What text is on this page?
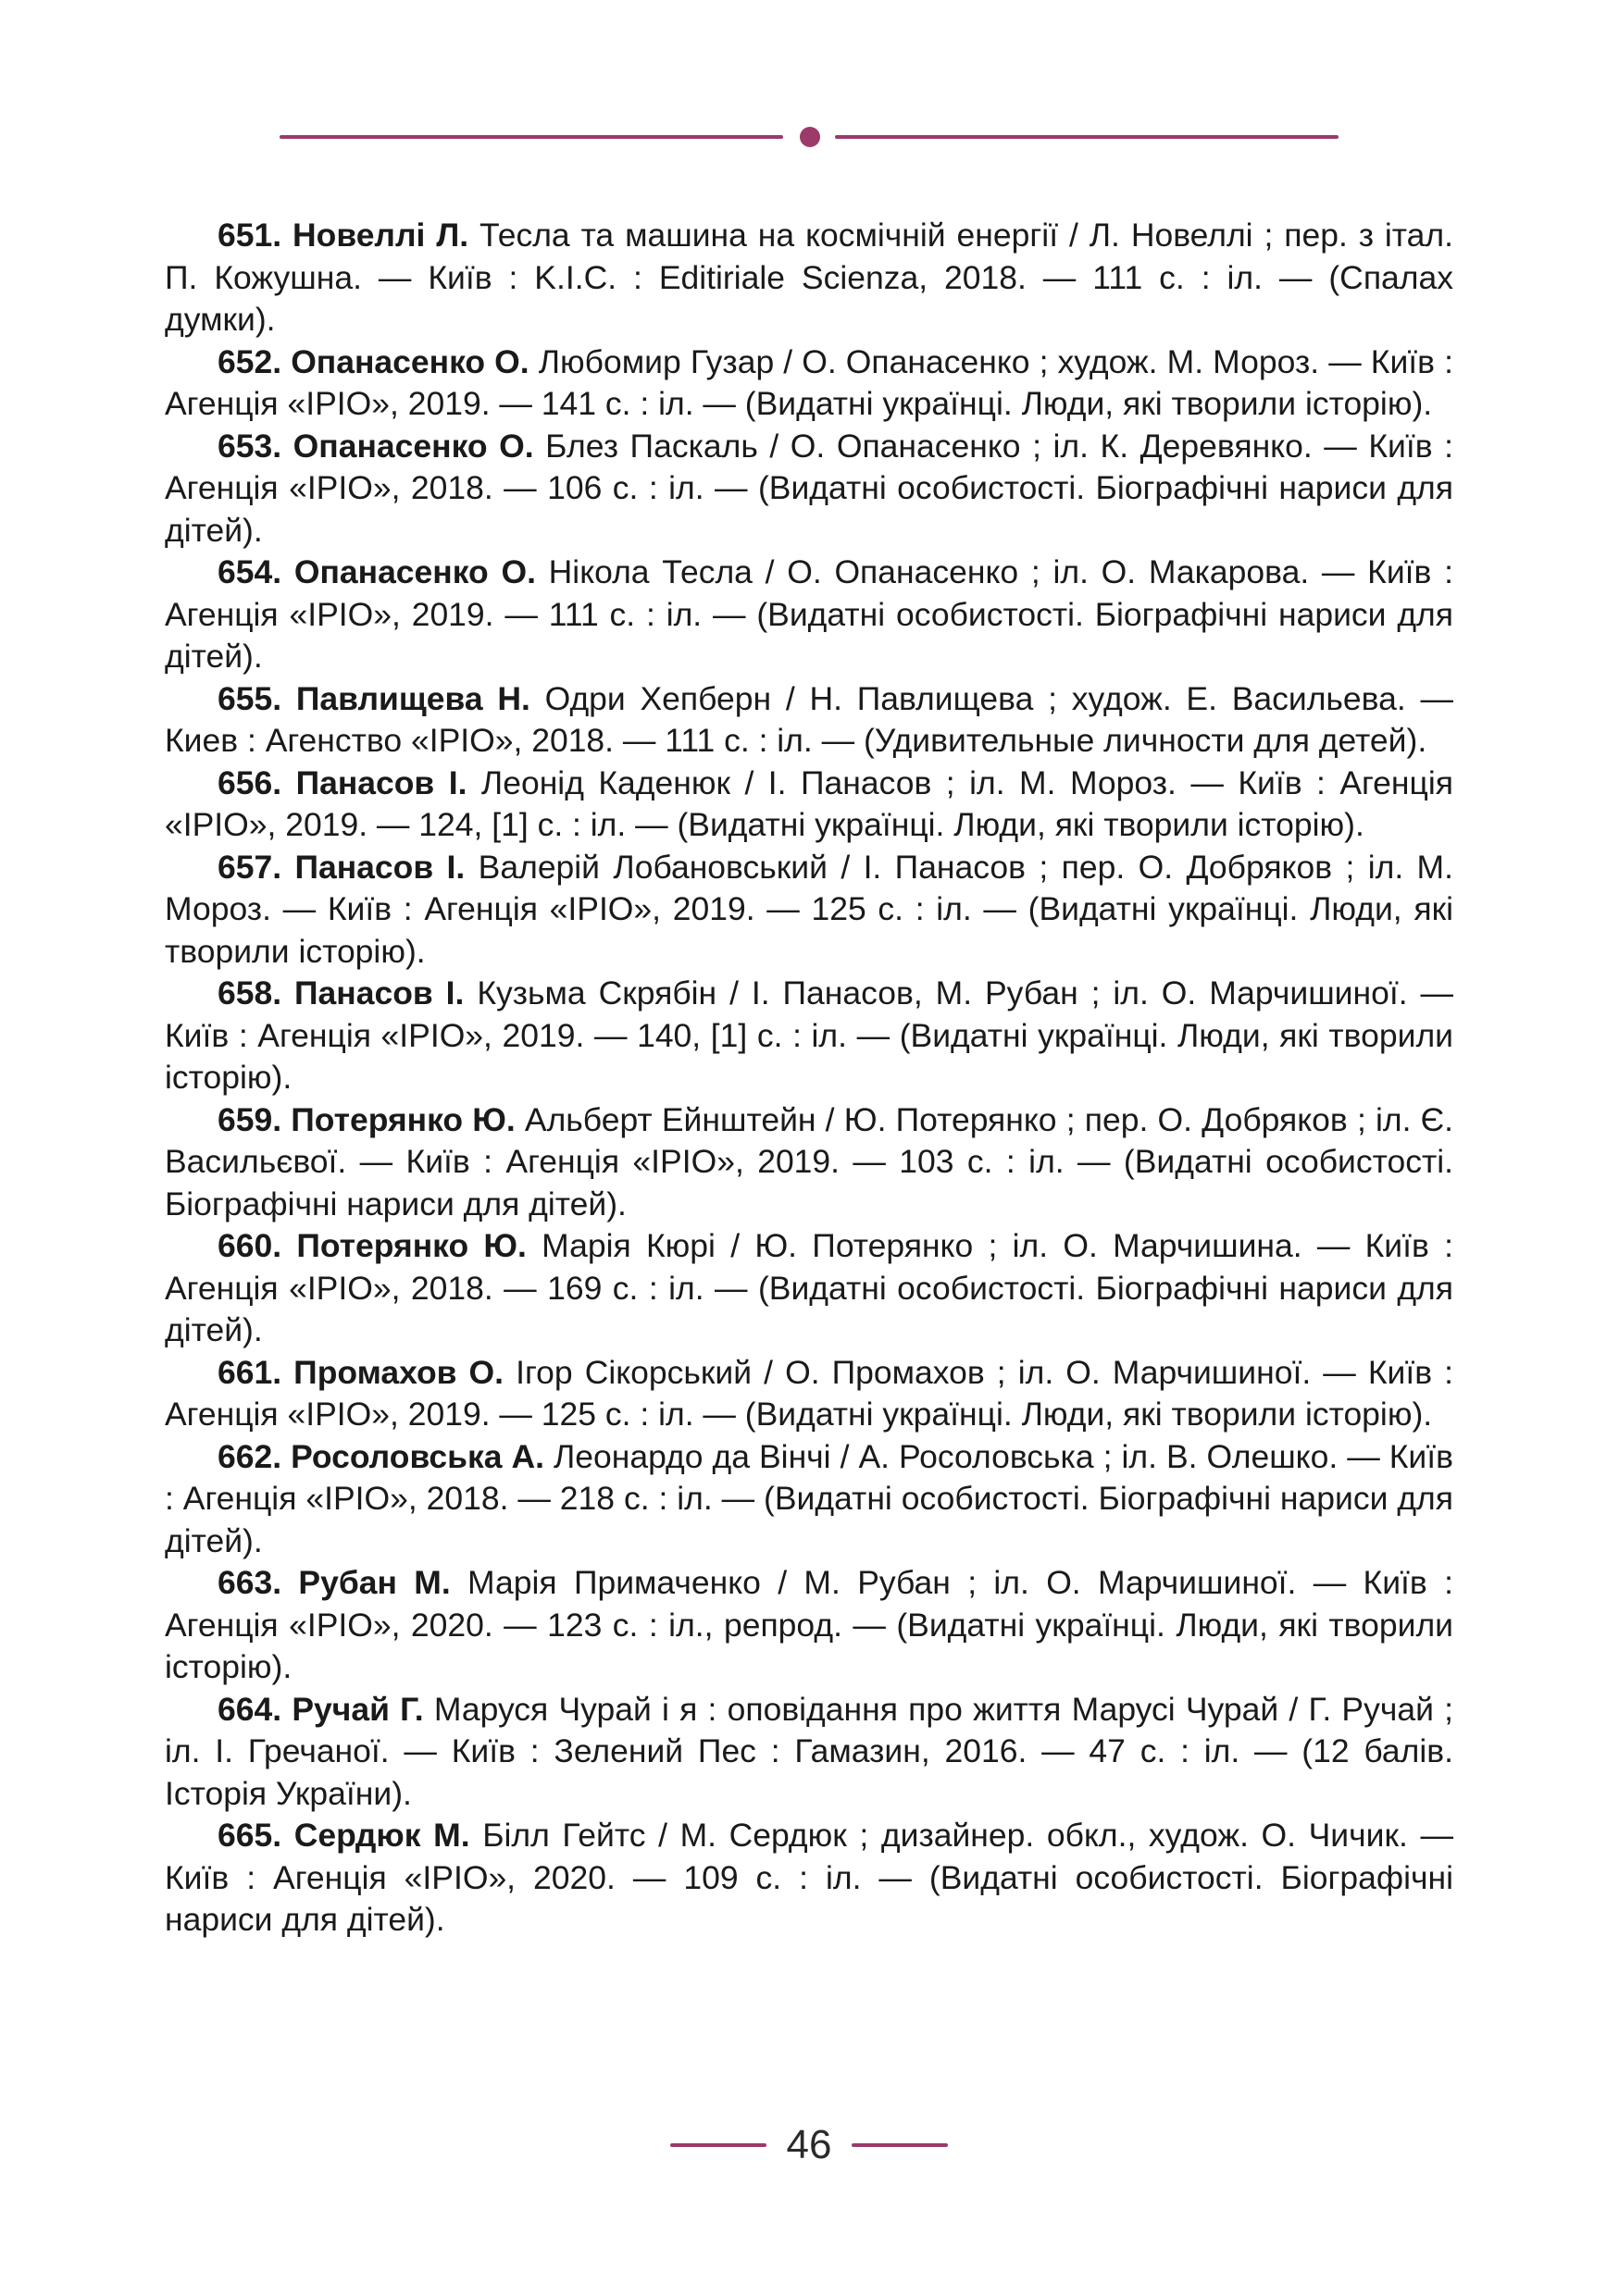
651. Новеллі Л. Тесла та машина на космічній енергії / Л. Новеллі ; пер. з італ. П. Кожушна. — Київ : K.I.C. : Editiriale Scienza, 2018. — 111 с. : іл. — (Спалах думки).

652. Опанасенко О. Любомир Гузар / О. Опанасенко ; худож. М. Мороз. — Київ : Агенція «IPIO», 2019. — 141 с. : іл. — (Видатні українці. Люди, які творили історію).

653. Опанасенко О. Блез Паскаль / О. Опанасенко ; іл. К. Деревянко. — Київ : Агенція «IPIO», 2018. — 106 с. : іл. — (Видатні особистості. Біографічні нариси для дітей).

654. Опанасенко О. Нікола Тесла / О. Опанасенко ; іл. О. Макарова. — Київ : Агенція «IPIO», 2019. — 111 с. : іл. — (Видатні особистості. Біографічні нариси для дітей).

655. Павлищева Н. Одри Хепберн / Н. Павлищева ; худож. Е. Васильева. — Киев : Агенство «IPIO», 2018. — 111 с. : іл. — (Удивительные личности для детей).

656. Панасов І. Леонід Каденюк / І. Панасов ; іл. М. Мороз. — Київ : Агенція «IPIO», 2019. — 124, [1] с. : іл. — (Видатні українці. Люди, які творили історію).

657. Панасов І. Валерій Лобановський / І. Панасов ; пер. О. Добряков ; іл. М. Мороз. — Київ : Агенція «IPIO», 2019. — 125 с. : іл. — (Видатні українці. Люди, які творили історію).

658. Панасов І. Кузьма Скрябін / І. Панасов, М. Рубан ; іл. О. Марчишиної. — Київ : Агенція «IPIO», 2019. — 140, [1] с. : іл. — (Видатні українці. Люди, які творили історію).

659. Потерянко Ю. Альберт Ейнштейн / Ю. Потерянко ; пер. О. Добряков ; іл. Є. Васильєвої. — Київ : Агенція «IPIO», 2019. — 103 с. : іл. — (Видатні особистості. Біографічні нариси для дітей).

660. Потерянко Ю. Марія Кюрі / Ю. Потерянко ; іл. О. Марчишина. — Київ : Агенція «IPIO», 2018. — 169 с. : іл. — (Видатні особистості. Біографічні нариси для дітей).

661. Промахов О. Ігор Сікорський / О. Промахов ; іл. О. Марчишиної. — Київ : Агенція «IPIO», 2019. — 125 с. : іл. — (Видатні українці. Люди, які творили історію).

662. Росоловська А. Леонардо да Вінчі / А. Росоловська ; іл. В. Олешко. — Київ : Агенція «IPIO», 2018. — 218 с. : іл. — (Видатні особистості. Біографічні нариси для дітей).

663. Рубан М. Марія Примаченко / М. Рубан ; іл. О. Марчишиної. — Київ : Агенція «IPIO», 2020. — 123 с. : іл., репрод. — (Видатні українці. Люди, які творили історію).

664. Ручай Г. Маруся Чурай і я : оповідання про життя Марусі Чурай / Г. Ручай ; іл. І. Гречаної. — Київ : Зелений Пес : Гамазин, 2016. — 47 с. : іл. — (12 балів. Історія України).

665. Сердюк М. Білл Гейтс / М. Сердюк ; дизайнер. обкл., худож. О. Чичик. — Київ : Агенція «IPIO», 2020. — 109 с. : іл. — (Видатні особистості. Біографічні нариси для дітей).

46
